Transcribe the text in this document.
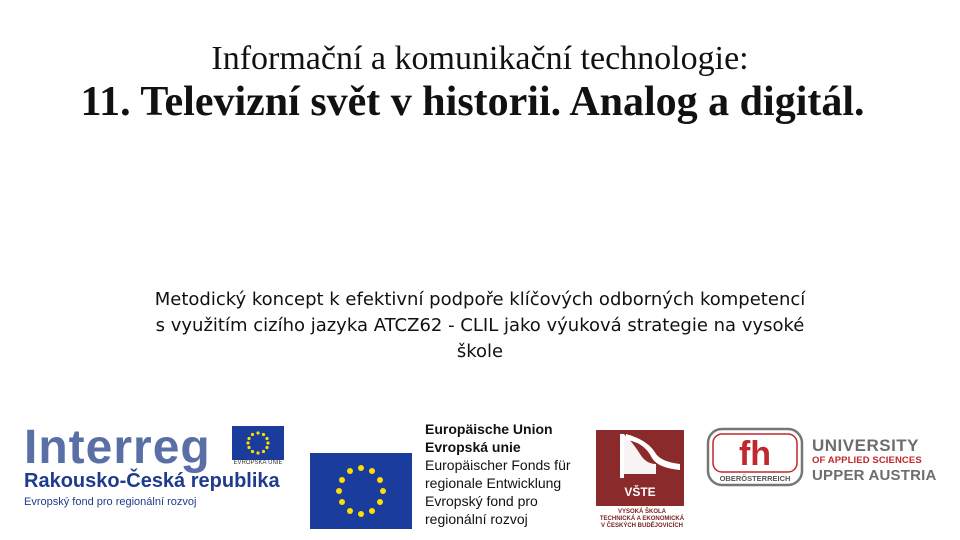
Informační a komunikační technologie:
11. Televizní svět v historii. Analog a digitál.
Metodický koncept k efektivní podpoře klíčových odborných kompetencí s využitím cizího jazyka ATCZ62 - CLIL jako výuková strategie na vysoké škole
Interreg
Rakousko-Česká republika
Evropský fond pro regionální rozvoj
EVROPSKÁ UNIE
Europäische Union
Evropská unie
Europäischer Fonds für
regionale Entwicklung
Evropský fond pro
regionální rozvoj
VŠTE
VYSOKÁ ŠKOLA
TECHNICKÁ A EKONOMICKÁ
V ČESKÝCH BUDĚJOVICÍCH
fh
OBERÖSTERREICH
UNIVERSITY
OF APPLIED SCIENCES
UPPER AUSTRIA
